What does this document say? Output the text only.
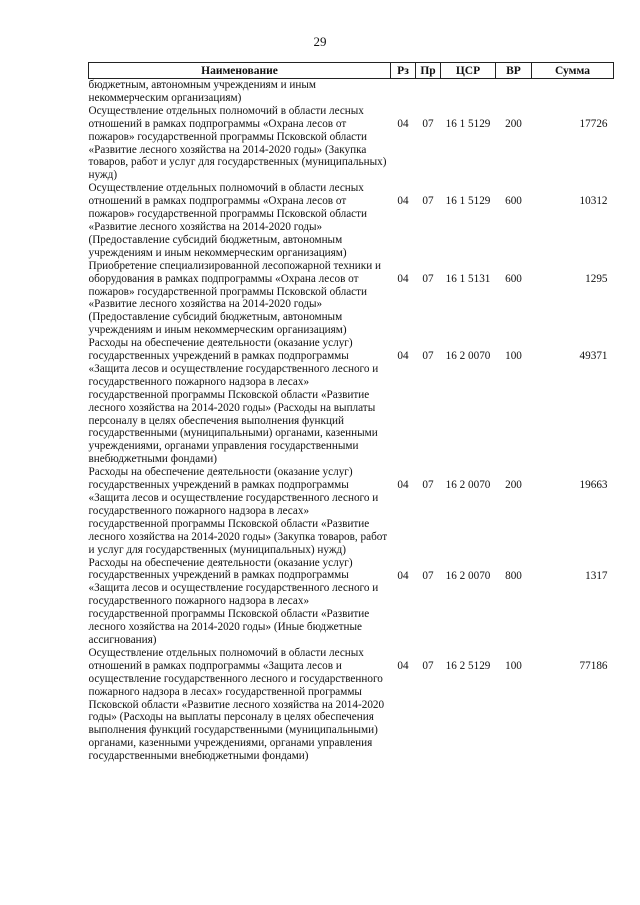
29
Наименование	Рз	Пр	ЦСР	ВР	Сумма
бюджетным, автономным учреждениям и иным некоммерческим организациям)					
Осуществление отдельных полномочий в области лесных отношений в рамках подпрограммы «Охрана лесов от пожаров» государственной программы Псковской области «Развитие лесного хозяйства на 2014-2020 годы» (Закупка товаров, работ и услуг для государственных (муниципальных) нужд)	04	07	16 1 5129	200	17726
Осуществление отдельных полномочий в области лесных отношений в рамках подпрограммы «Охрана лесов от пожаров» государственной программы Псковской области «Развитие лесного хозяйства на 2014-2020 годы» (Предоставление субсидий бюджетным, автономным учреждениям и иным некоммерческим организациям)	04	07	16 1 5129	600	10312
Приобретение специализированной лесопожарной техники и оборудования в рамках подпрограммы «Охрана лесов от пожаров» государственной программы Псковской области «Развитие лесного хозяйства на 2014-2020 годы» (Предоставление субсидий бюджетным, автономным учреждениям и иным некоммерческим организациям)	04	07	16 1 5131	600	1295
Расходы на обеспечение деятельности (оказание услуг) государственных учреждений в рамках подпрограммы «Защита лесов и осуществление государственного лесного и государственного пожарного надзора в лесах» государственной программы Псковской области «Развитие лесного хозяйства на 2014-2020 годы» (Расходы на выплаты персоналу в целях обеспечения выполнения функций государственными (муниципальными) органами, казенными учреждениями, органами управления государственными внебюджетными фондами)	04	07	16 2 0070	100	49371
Расходы на обеспечение деятельности (оказание услуг) государственных учреждений в рамках подпрограммы «Защита лесов и осуществление государственного лесного и государственного пожарного надзора в лесах» государственной программы Псковской области «Развитие лесного хозяйства на 2014-2020 годы» (Закупка товаров, работ и услуг для государственных (муниципальных) нужд)	04	07	16 2 0070	200	19663
Расходы на обеспечение деятельности (оказание услуг) государственных учреждений в рамках подпрограммы «Защита лесов и осуществление государственного лесного и государственного пожарного надзора в лесах» государственной программы Псковской области «Развитие лесного хозяйства на 2014-2020 годы» (Иные бюджетные ассигнования)	04	07	16 2 0070	800	1317
Осуществление отдельных полномочий в области лесных отношений в рамках подпрограммы «Защита лесов и осуществление государственного лесного и государственного пожарного надзора в лесах» государственной программы Псковской области «Развитие лесного хозяйства на 2014-2020 годы» (Расходы на выплаты персоналу в целях обеспечения выполнения функций государственными (муниципальными) органами, казенными учреждениями, органами управления государственными внебюджетными фондами)	04	07	16 2 5129	100	77186
